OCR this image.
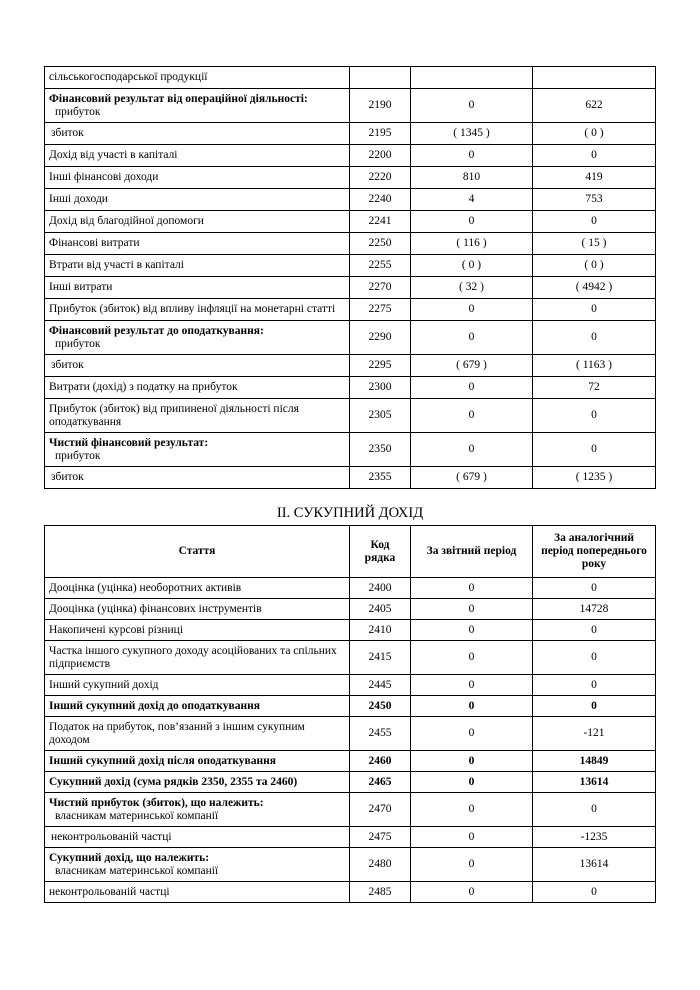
сільськогосподарської продукції			
Фінансовий результат від операційної діяльності:
прибуток	2190	0	622
збиток	2195	( 1345 )	( 0 )
Дохід від участі в капіталі	2200	0	0
Інші фінансові доходи	2220	810	419
Інші доходи	2240	4	753
Дохід від благодійної допомоги	2241	0	0
Фінансові витрати	2250	( 116 )	( 15 )
Втрати від участі в капіталі	2255	( 0 )	( 0 )
Інші витрати	2270	( 32 )	( 4942 )
Прибуток (збиток) від впливу інфляції на монетарні статті	2275	0	0
Фінансовий результат до оподаткування:
прибуток	2290	0	0
збиток	2295	( 679 )	( 1163 )
Витрати (дохід) з податку на прибуток	2300	0	72
Прибуток (збиток) від припиненої діяльності після оподаткування	2305	0	0
Чистий фінансовий результат:
прибуток	2350	0	0
збиток	2355	( 679 )	( 1235 )
II. СУКУПНИЙ ДОХІД
Стаття	Код рядка	За звітний період	За аналогічний період попереднього року
Дооцінка (уцінка) необоротних активів	2400	0	0
Дооцінка (уцінка) фінансових інструментів	2405	0	14728
Накопичені курсові різниці	2410	0	0
Частка іншого сукупного доходу асоційованих та спільних підприємств	2415	0	0
Інший сукупний дохід	2445	0	0
Інший сукупний дохід до оподаткування	2450	0	0
Податок на прибуток, пов’язаний з іншим сукупним доходом	2455	0	-121
Інший сукупний дохід після оподаткування	2460	0	14849
Сукупний дохід (сума рядків 2350, 2355 та 2460)	2465	0	13614
Чистий прибуток (збиток), що належить:
власникам материнської компанії	2470	0	0
неконтрольованій частці	2475	0	-1235
Сукупний дохід, що належить:
власникам материнської компанії	2480	0	13614
неконтрольованій частці	2485	0	0
